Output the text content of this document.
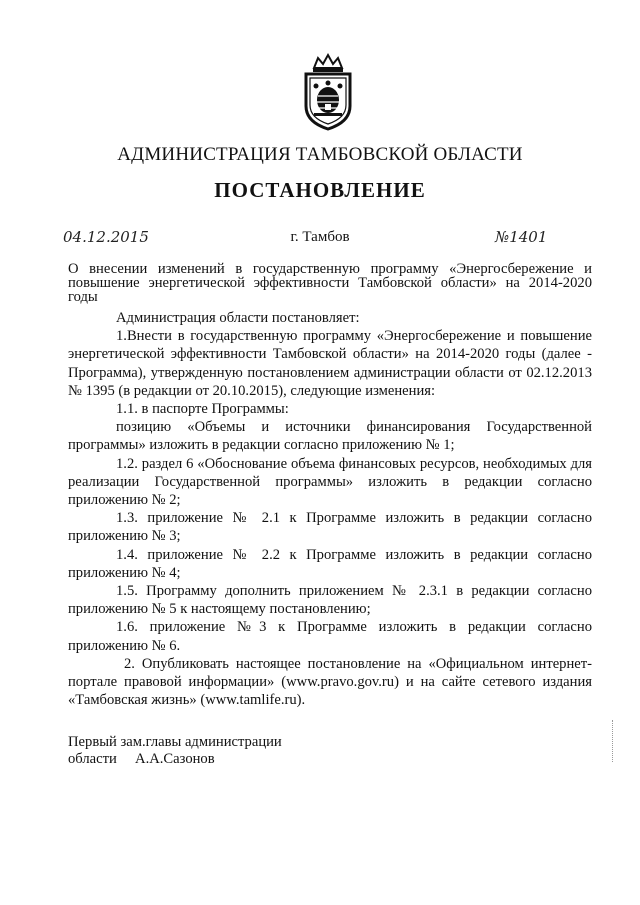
АДМИНИСТРАЦИЯ ТАМБОВСКОЙ ОБЛАСТИ
ПОСТАНОВЛЕНИЕ
04.12.2015	г. Тамбов	№1401
О внесении изменений в государственную программу «Энергосбережение и повышение энергетической эффективности Тамбовской области» на 2014-2020 годы

Администрация области постановляет:

1.Внести в государственную программу «Энергосбережение и повышение энергетической эффективности Тамбовской области» на 2014-2020 годы (далее - Программа), утвержденную постановлением администрации области от 02.12.2013 № 1395 (в редакции от 20.10.2015), следующие изменения:

1.1. в паспорте Программы:

позицию «Объемы и источники финансирования Государственной программы» изложить в редакции согласно приложению № 1;

1.2. раздел 6 «Обоснование объема финансовых ресурсов, необходимых для реализации Государственной программы» изложить в редакции согласно приложению № 2;

1.3. приложение № 2.1 к Программе изложить в редакции согласно приложению № 3;

1.4. приложение № 2.2 к Программе изложить в редакции согласно приложению № 4;

1.5. Программу дополнить приложением № 2.3.1 в редакции согласно приложению № 5 к настоящему постановлению;

1.6. приложение №3 к Программе изложить в редакции согласно приложению № 6.

2. Опубликовать настоящее постановление на «Официальном интернет-портале правовой информации» (www.pravo.gov.ru) и на сайте сетевого издания «Тамбовская жизнь» (www.tamlife.ru).

Первый зам.главы администрации
области А.А.Сазонов
